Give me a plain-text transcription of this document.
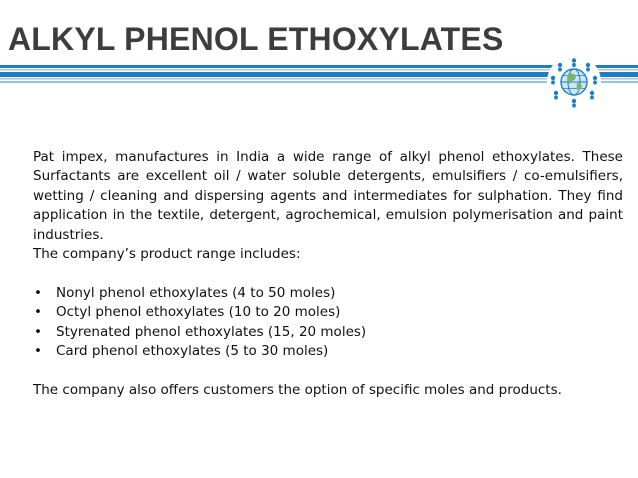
ALKYL PHENOL ETHOXYLATES

Pat impex, manufactures in India a wide range of alkyl phenol ethoxylates. These Surfactants are excellent oil / water soluble detergents, emulsifiers / co-emulsifiers, wetting / cleaning and dispersing agents and intermediates for sulphation. They find application in the textile, detergent, agrochemical, emulsion polymerisation and paint industries.

The company’s product range includes:

• Nonyl phenol ethoxylates (4 to 50 moles)
• Octyl phenol ethoxylates (10 to 20 moles)
• Styrenated phenol ethoxylates (15, 20 moles)
• Card phenol ethoxylates (5 to 30 moles)

The company also offers customers the option of specific moles and products.
